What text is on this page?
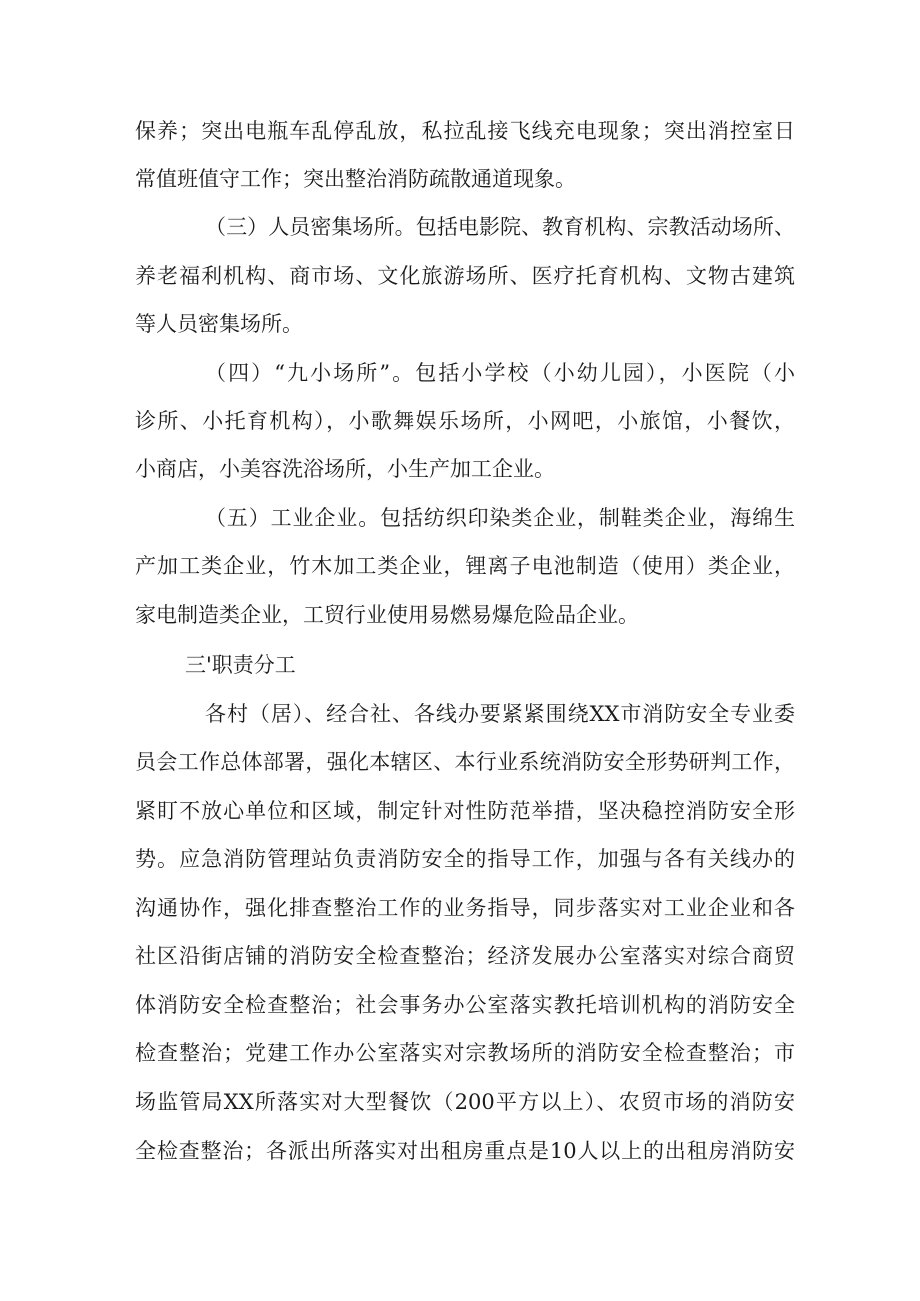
保养；突出电瓶车乱停乱放，私拉乱接飞线充电现象；突出消控室日
常值班值守工作；突出整治消防疏散通道现象。
（三）人员密集场所。包括电影院、教育机构、宗教活动场所、
养老福利机构、商市场、文化旅游场所、医疗托育机构、文物古建筑
等人员密集场所。
（四）“九小场所”。包括小学校（小幼儿园），小医院（小
诊所、小托育机构），小歌舞娱乐场所，小网吧，小旅馆，小餐饮，
小商店，小美容洗浴场所，小生产加工企业。
（五）工业企业。包括纺织印染类企业，制鞋类企业，海绵生
产加工类企业，竹木加工类企业，锂离子电池制造（使用）类企业，
家电制造类企业，工贸行业使用易燃易爆危险品企业。
三'职责分工
各村（居）、经合社、各线办要紧紧围绕XX市消防安全专业委
员会工作总体部署，强化本辖区、本行业系统消防安全形势研判工作，
紧盯不放心单位和区域，制定针对性防范举措，坚决稳控消防安全形
势。应急消防管理站负责消防安全的指导工作，加强与各有关线办的
沟通协作，强化排查整治工作的业务指导，同步落实对工业企业和各
社区沿街店铺的消防安全检查整治；经济发展办公室落实对综合商贸
体消防安全检查整治；社会事务办公室落实教托培训机构的消防安全
检查整治；党建工作办公室落实对宗教场所的消防安全检查整治；市
场监管局XX所落实对大型餐饮（200平方以上）、农贸市场的消防安
全检查整治；各派出所落实对出租房重点是10人以上的出租房消防安
